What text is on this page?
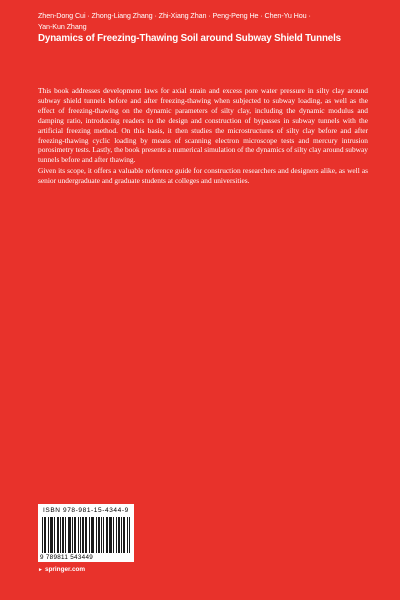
Zhen-Dong Cui · Zhong-Liang Zhang · Zhi-Xiang Zhan · Peng-Peng He · Chen-Yu Hou ·
Yan-Kun Zhang
Dynamics of Freezing-Thawing Soil around Subway Shield Tunnels

This book addresses development laws for axial strain and excess pore water pressure in silty clay around subway shield tunnels before and after freezing-thawing when subjected to subway loading, as well as the effect of freezing-thawing on the dynamic parameters of silty clay, including the dynamic modulus and damping ratio, introducing readers to the design and construction of bypasses in subway tunnels with the artificial freezing method. On this basis, it then studies the microstructures of silty clay before and after freezing-thawing cyclic loading by means of scanning electron microscope tests and mercury intrusion porosimetry tests. Lastly, the book presents a numerical simulation of the dynamics of silty clay around subway tunnels before and after thawing.

Given its scope, it offers a valuable reference guide for construction researchers and designers alike, as well as senior undergraduate and graduate students at colleges and universities.

ISBN 978-981-15-4344-9
9 789811 543449
► springer.com
